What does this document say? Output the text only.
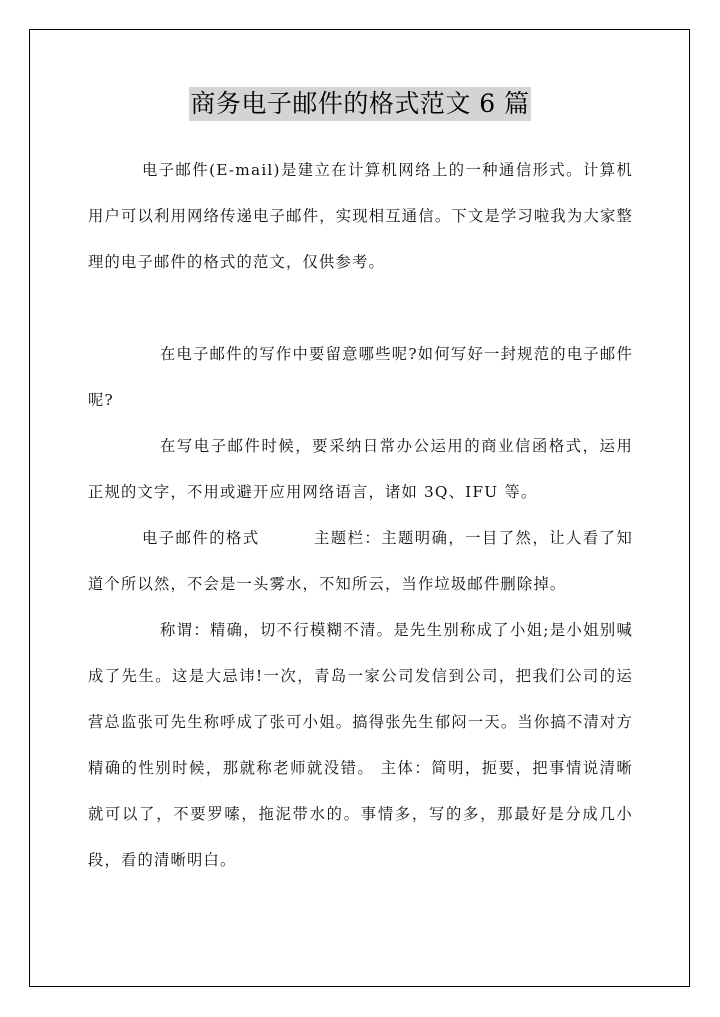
商务电子邮件的格式范文 6 篇

电子邮件(E-mail)是建立在计算机网络上的一种通信形式。计算机用户可以利用网络传递电子邮件，实现相互通信。下文是学习啦我为大家整理的电子邮件的格式的范文，仅供参考。

在电子邮件的写作中要留意哪些呢?如何写好一封规范的电子邮件呢?

在写电子邮件时候，要采纳日常办公运用的商业信函格式，运用正规的文字，不用或避开应用网络语言，诸如 3Q、IFU 等。

电子邮件的格式	主题栏：主题明确，一目了然，让人看了知道个所以然，不会是一头雾水，不知所云，当作垃圾邮件删除掉。

称谓：精确，切不行模糊不清。是先生别称成了小姐;是小姐别喊成了先生。这是大忌讳!一次，青岛一家公司发信到公司，把我们公司的运营总监张可先生称呼成了张可小姐。搞得张先生郁闷一天。当你搞不清对方精确的性别时候，那就称老师就没错。 主体：简明，扼要，把事情说清晰就可以了，不要罗嗦，拖泥带水的。事情多，写的多，那最好是分成几小段，看的清晰明白。
